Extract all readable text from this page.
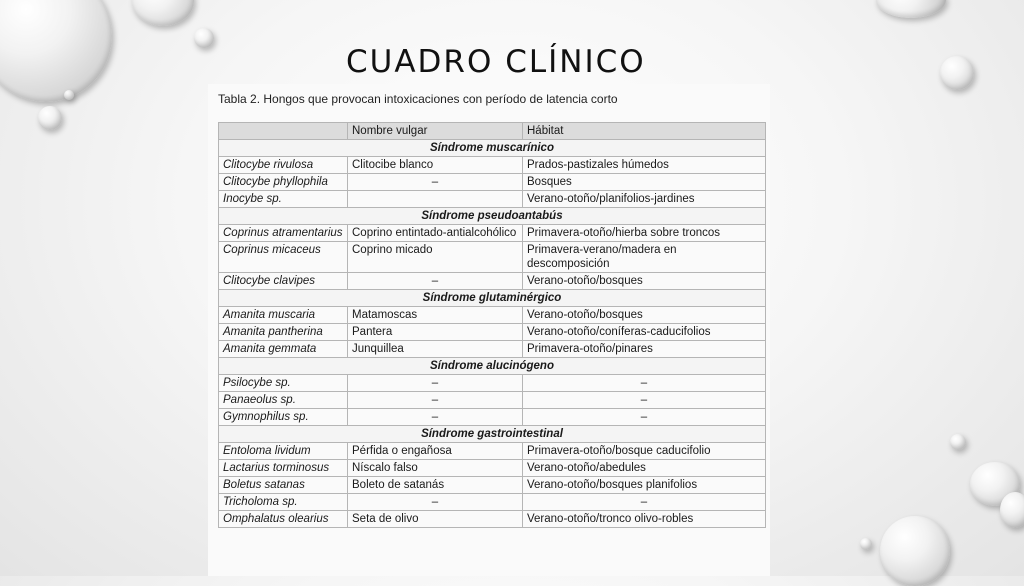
CUADRO CLÍNICO
Tabla 2. Hongos que provocan intoxicaciones con período de latencia corto
	Nombre vulgar	Hábitat
Síndrome muscarínico		
Clitocybe rivulosa	Clitocibe blanco	Prados-pastizales húmedos
Clitocybe phyllophila	–	Bosques
Inocybe sp.		Verano-otoño/planifolios-jardines
Síndrome pseudoantabús		
Coprinus atramentarius	Coprino entintado-antialcohólico	Primavera-otoño/hierba sobre troncos
Coprinus micaceus	Coprino micado	Primavera-verano/madera en descomposición
Clitocybe clavipes	–	Verano-otoño/bosques
Síndrome glutaminérgico		
Amanita muscaria	Matamoscas	Verano-otoño/bosques
Amanita pantherina	Pantera	Verano-otoño/coníferas-caducifolios
Amanita gemmata	Junquillea	Primavera-otoño/pinares
Síndrome alucinógeno		
Psilocybe sp.	–	–
Panaeolus sp.	–	–
Gymnophilus sp.	–	–
Síndrome gastrointestinal		
Entoloma lividum	Pérfida o engañosa	Primavera-otoño/bosque caducifolio
Lactarius torminosus	Níscalo falso	Verano-otoño/abedules
Boletus satanas	Boleto de satanás	Verano-otoño/bosques planifolios
Tricholoma sp.	–	–
Omphalatus olearius	Seta de olivo	Verano-otoño/tronco olivo-robles
